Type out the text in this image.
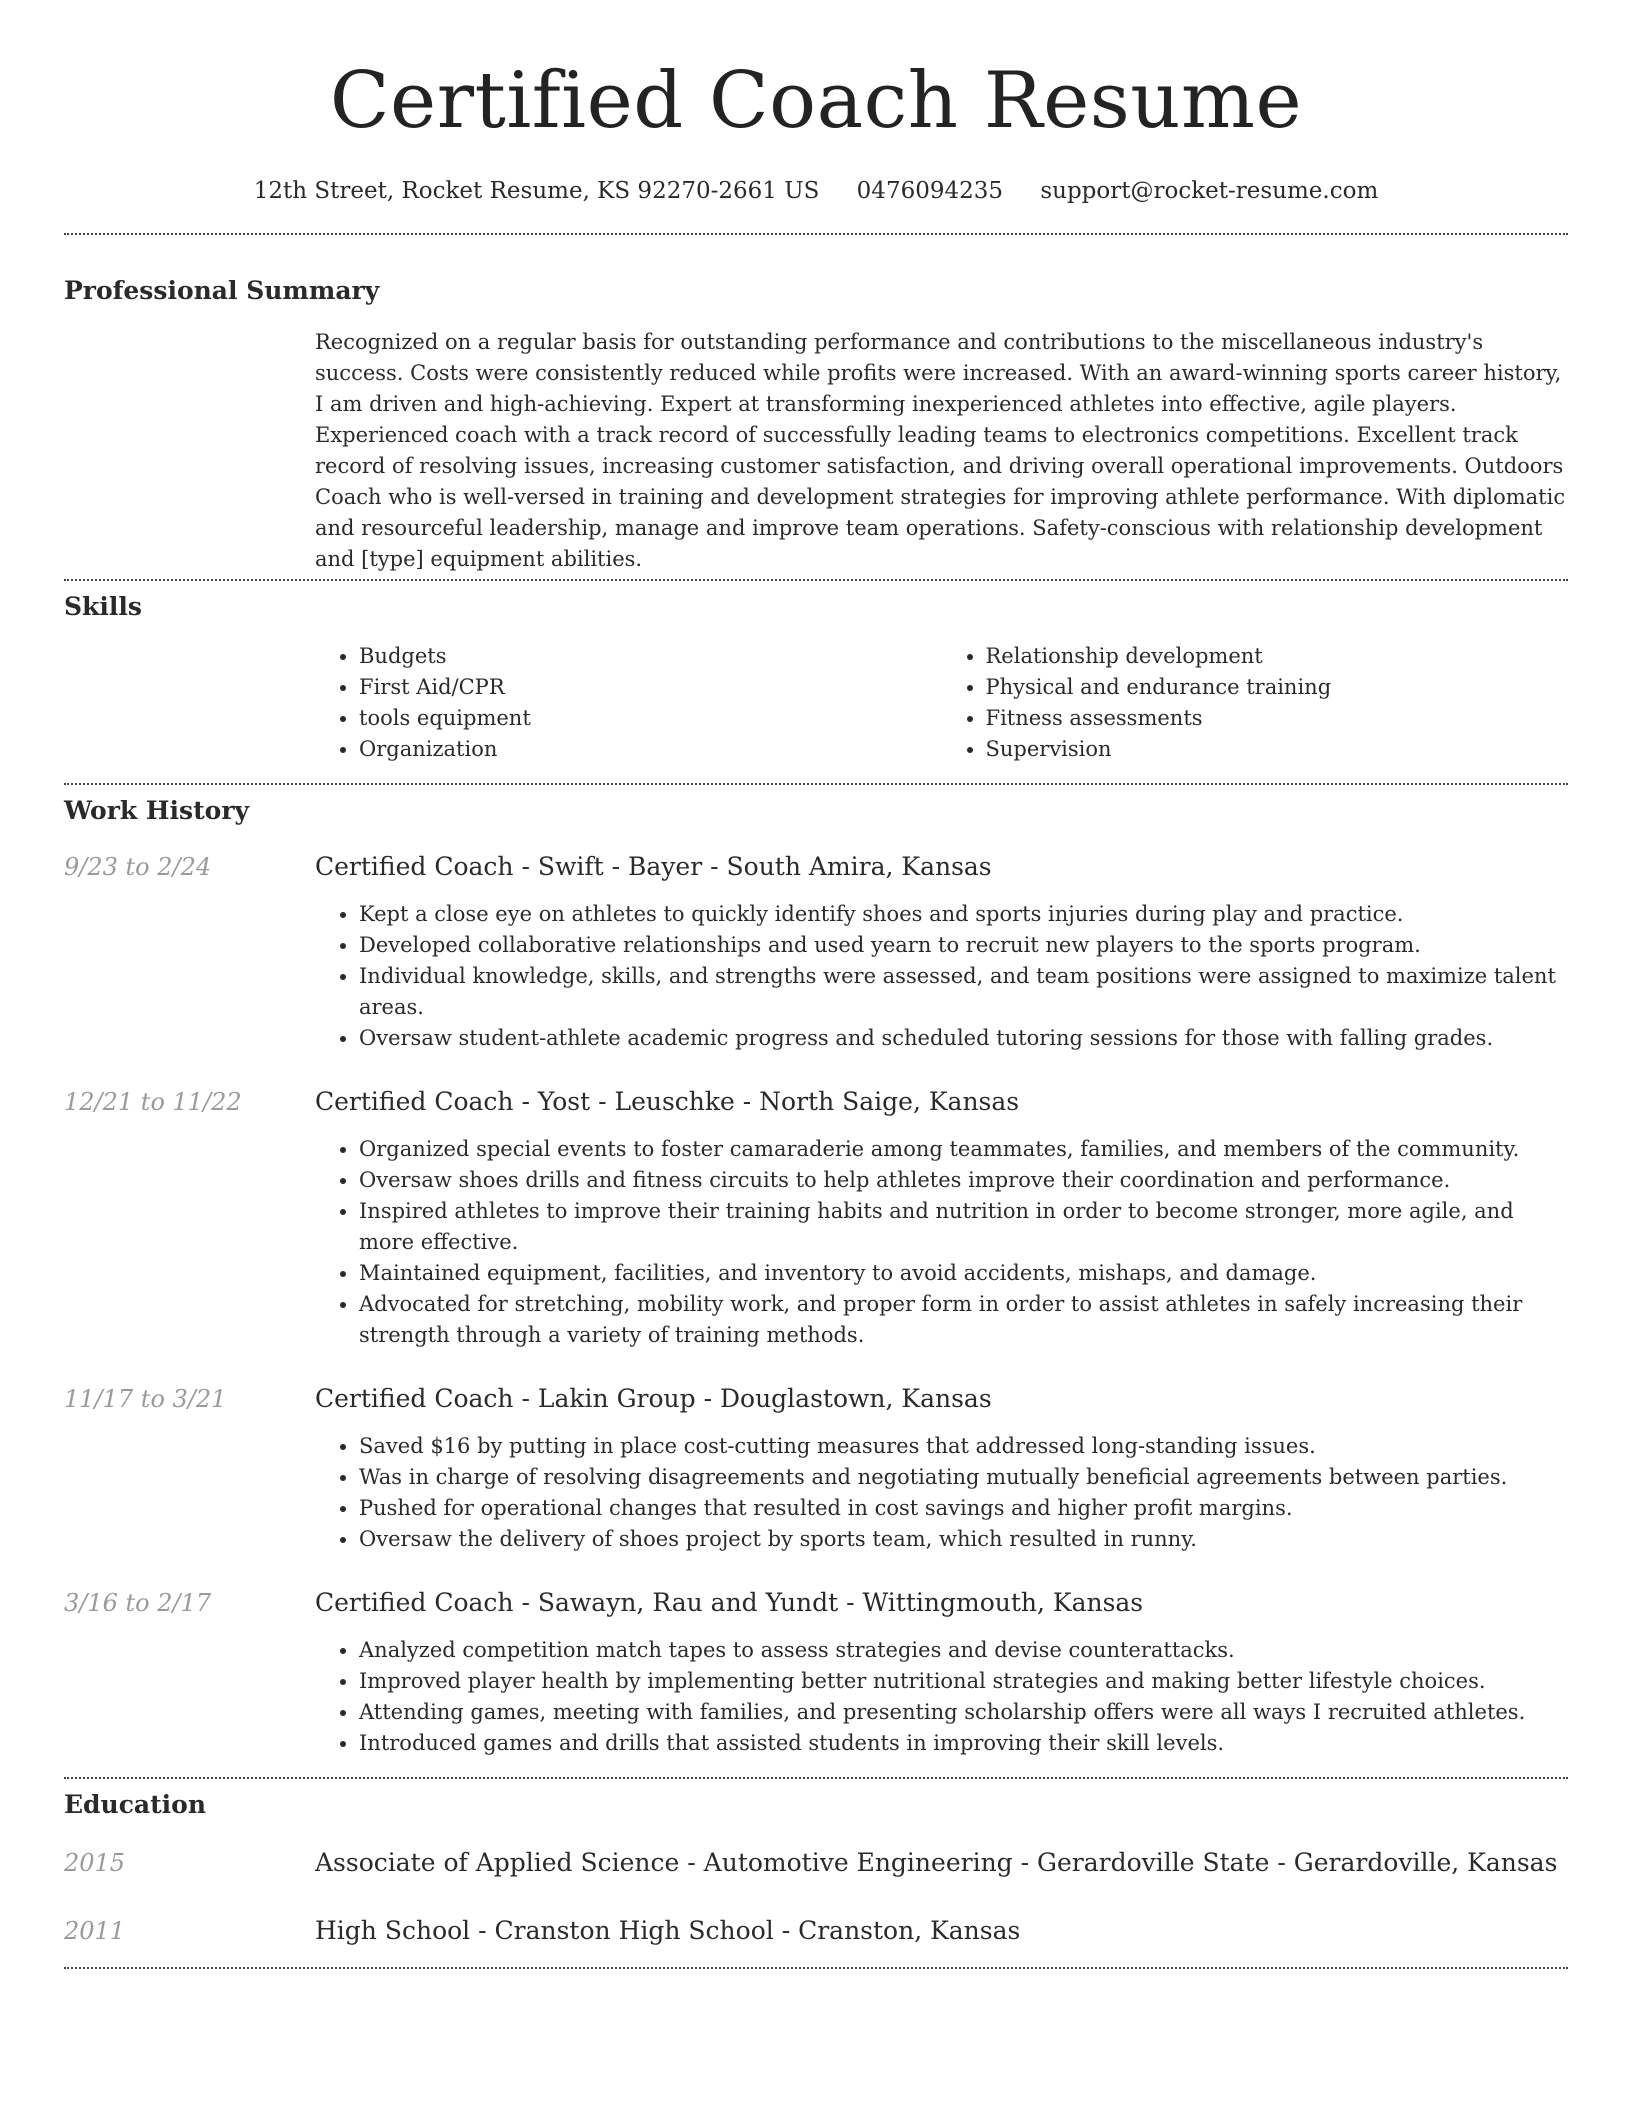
Certified Coach Resume
12th Street, Rocket Resume, KS 92270-2661 US 0476094235 support@rocket-resume.com
Professional Summary

Recognized on a regular basis for outstanding performance and contributions to the miscellaneous industry's success. Costs were consistently reduced while profits were increased. With an award-winning sports career history, I am driven and high-achieving. Expert at transforming inexperienced athletes into effective, agile players. Experienced coach with a track record of successfully leading teams to electronics competitions. Excellent track record of resolving issues, increasing customer satisfaction, and driving overall operational improvements. Outdoors Coach who is well-versed in training and development strategies for improving athlete performance. With diplomatic and resourceful leadership, manage and improve team operations. Safety-conscious with relationship development and [type] equipment abilities.

Skills
• Budgets
• First Aid/CPR
• tools equipment
• Organization
• Relationship development
• Physical and endurance training
• Fitness assessments
• Supervision
Work History
9/23 to 2/24	Certified Coach - Swift - Bayer - South Amira, Kansas
• Kept a close eye on athletes to quickly identify shoes and sports injuries during play and practice.
• Developed collaborative relationships and used yearn to recruit new players to the sports program.
• Individual knowledge, skills, and strengths were assessed, and team positions were assigned to maximize talent areas.
• Oversaw student-athlete academic progress and scheduled tutoring sessions for those with falling grades.
12/21 to 11/22	Certified Coach - Yost - Leuschke - North Saige, Kansas
• Organized special events to foster camaraderie among teammates, families, and members of the community.
• Oversaw shoes drills and fitness circuits to help athletes improve their coordination and performance.
• Inspired athletes to improve their training habits and nutrition in order to become stronger, more agile, and more effective.
• Maintained equipment, facilities, and inventory to avoid accidents, mishaps, and damage.
• Advocated for stretching, mobility work, and proper form in order to assist athletes in safely increasing their strength through a variety of training methods.
11/17 to 3/21	Certified Coach - Lakin Group - Douglastown, Kansas
• Saved $16 by putting in place cost-cutting measures that addressed long-standing issues.
• Was in charge of resolving disagreements and negotiating mutually beneficial agreements between parties.
• Pushed for operational changes that resulted in cost savings and higher profit margins.
• Oversaw the delivery of shoes project by sports team, which resulted in runny.
3/16 to 2/17	Certified Coach - Sawayn, Rau and Yundt - Wittingmouth, Kansas
• Analyzed competition match tapes to assess strategies and devise counterattacks.
• Improved player health by implementing better nutritional strategies and making better lifestyle choices.
• Attending games, meeting with families, and presenting scholarship offers were all ways I recruited athletes.
• Introduced games and drills that assisted students in improving their skill levels.
Education
2015	Associate of Applied Science - Automotive Engineering - Gerardoville State - Gerardoville, Kansas
2011	High School - Cranston High School - Cranston, Kansas
